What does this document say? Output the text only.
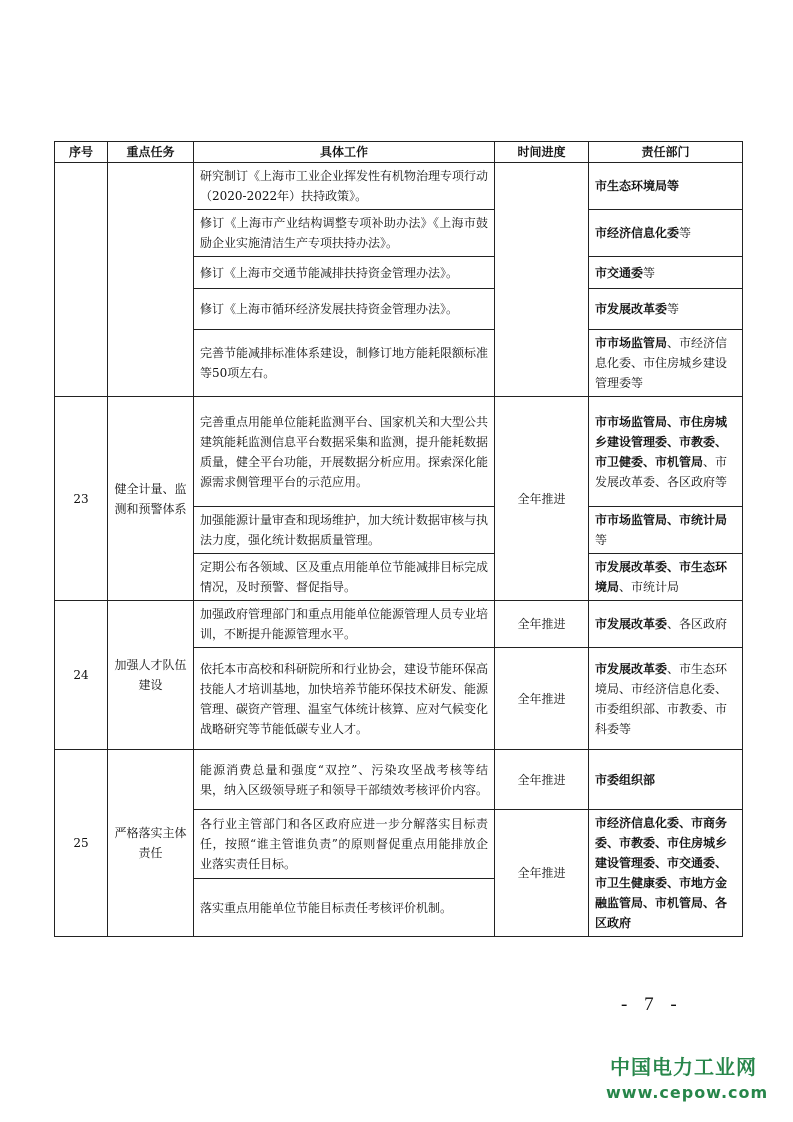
序号	重点任务	具体工作	时间进度	责任部门
		研究制订《上海市工业企业挥发性有机物治理专项行动（2020-2022年）扶持政策》。		市生态环境局等
		修订《上海市产业结构调整专项补助办法》《上海市鼓励企业实施清洁生产专项扶持办法》。		市经济信息化委等
		修订《上海市交通节能减排扶持资金管理办法》。		市交通委等
		修订《上海市循环经济发展扶持资金管理办法》。		市发展改革委等
		完善节能减排标准体系建设，制修订地方能耗限额标准等50项左右。		市市场监管局、市经济信息化委、市住房城乡建设管理委等
23	健全计量、监测和预警体系	完善重点用能单位能耗监测平台、国家机关和大型公共建筑能耗监测信息平台数据采集和监测，提升能耗数据质量，健全平台功能，开展数据分析应用。探索深化能源需求侧管理平台的示范应用。	全年推进	市市场监管局、市住房城乡建设管理委、市教委、市卫健委、市机管局、市发展改革委、各区政府等
		加强能源计量审查和现场维护，加大统计数据审核与执法力度，强化统计数据质量管理。		市市场监管局、市统计局等
		定期公布各领域、区及重点用能单位节能减排目标完成情况，及时预警、督促指导。		市发展改革委、市生态环境局、市统计局
24	加强人才队伍建设	加强政府管理部门和重点用能单位能源管理人员专业培训，不断提升能源管理水平。	全年推进	市发展改革委、各区政府
		依托本市高校和科研院所和行业协会，建设节能环保高技能人才培训基地，加快培养节能环保技术研发、能源管理、碳资产管理、温室气体统计核算、应对气候变化战略研究等节能低碳专业人才。	全年推进	市发展改革委、市生态环境局、市经济信息化委、市委组织部、市教委、市科委等
25	严格落实主体责任	能源消费总量和强度“双控”、污染攻坚战考核等结果，纳入区级领导班子和领导干部绩效考核评价内容。	全年推进	市委组织部
		各行业主管部门和各区政府应进一步分解落实目标责任，按照“谁主管谁负责”的原则督促重点用能排放企业落实责任目标。	全年推进	市经济信息化委、市商务委、市教委、市住房城乡建设管理委、市交通委、市卫生健康委、市地方金融监管局、市机管局、各区政府
		落实重点用能单位节能目标责任考核评价机制。		
- 7 -
中国电力工业网
www.cepow.com
